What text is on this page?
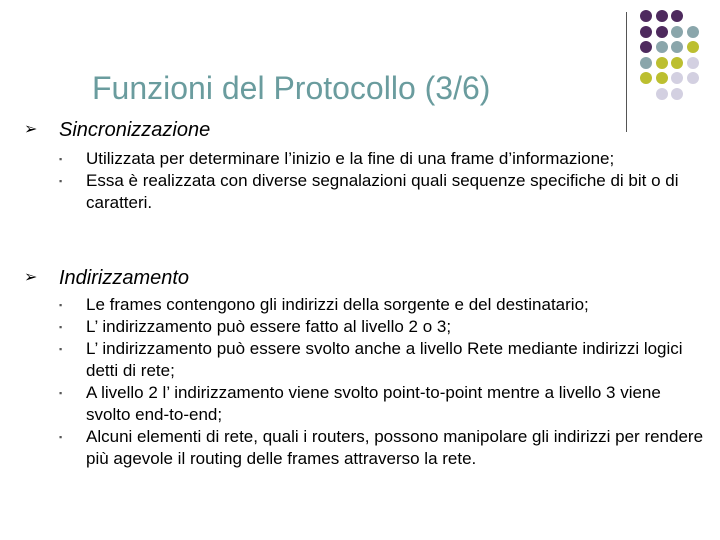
Funzioni del Protocollo (3/6)
➢ Sincronizzazione
▪ Utilizzata per determinare l’inizio e la fine di una frame d’informazione;
▪ Essa è realizzata con diverse segnalazioni quali sequenze specifiche di bit o di caratteri.
➢ Indirizzamento
▪ Le frames contengono gli indirizzi della sorgente e del destinatario;
▪ L’ indirizzamento può essere fatto al livello 2 o 3;
▪ L’ indirizzamento può essere svolto anche a livello Rete mediante indirizzi logici detti di rete;
▪ A livello 2 l’ indirizzamento viene svolto point-to-point mentre a livello 3 viene svolto end-to-end;
▪ Alcuni elementi di rete, quali i routers, possono manipolare gli indirizzi per rendere più agevole il routing delle frames attraverso la rete.
